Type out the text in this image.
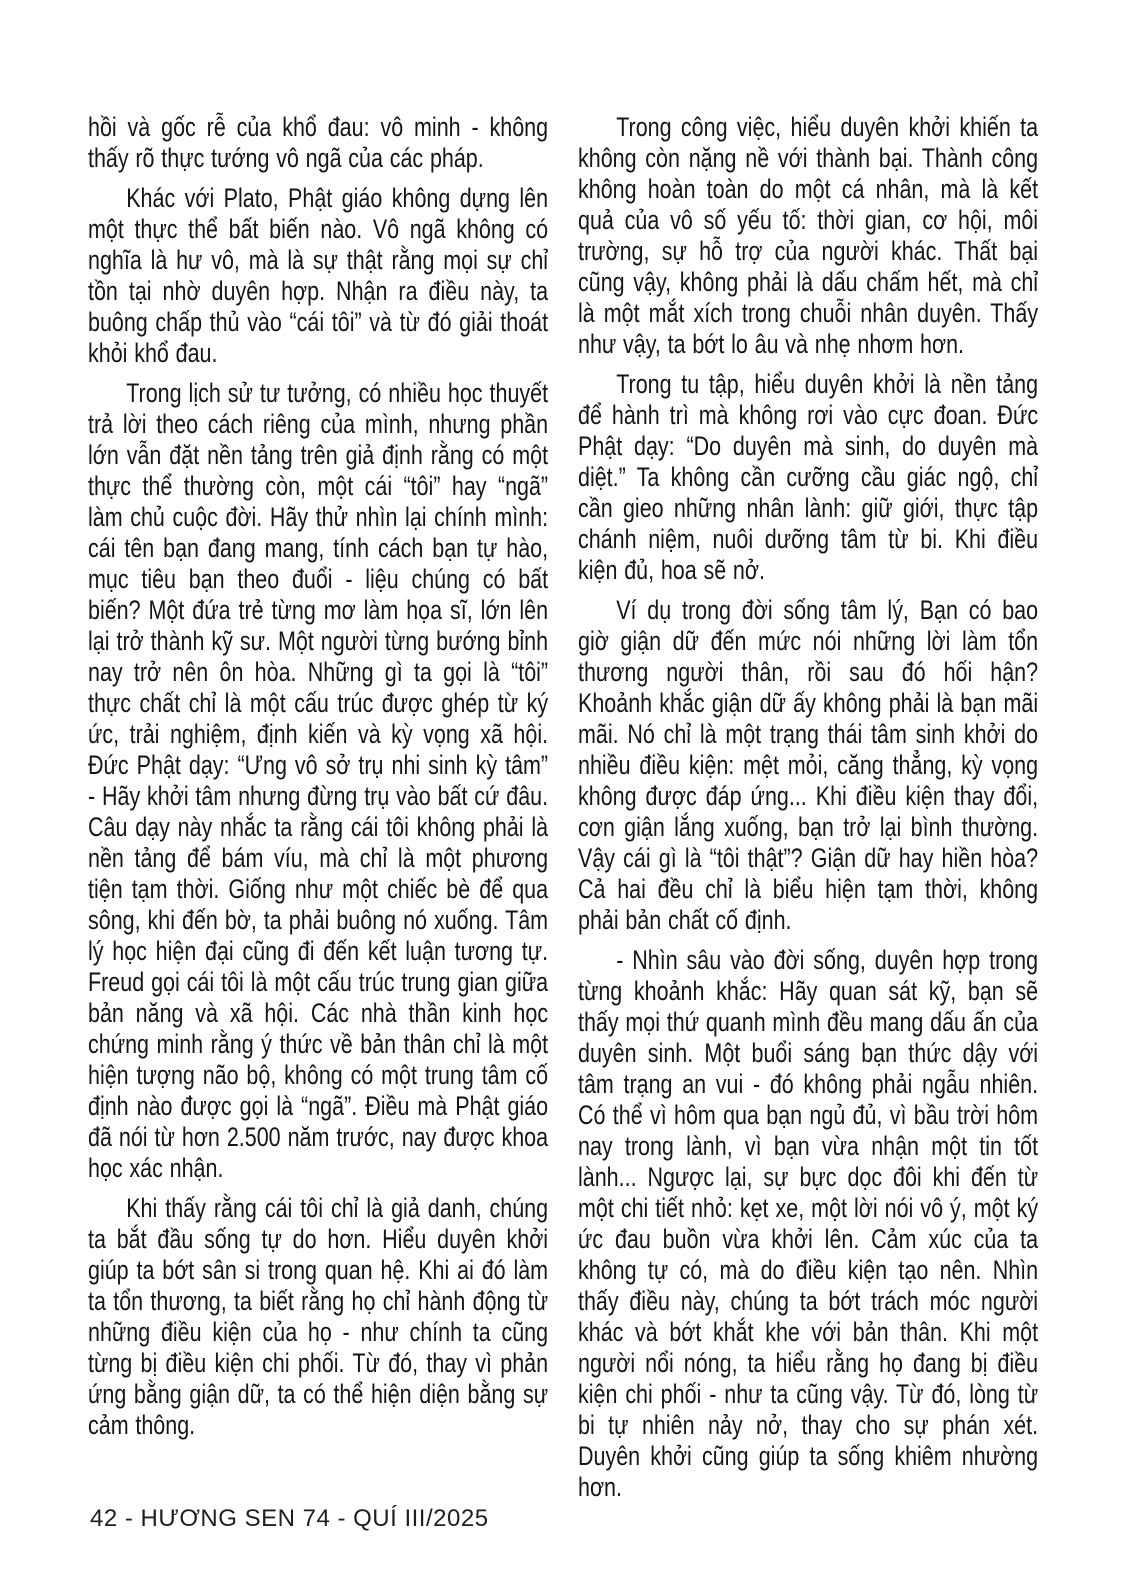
hồi và gốc rễ của khổ đau: vô minh - không thấy rõ thực tướng vô ngã của các pháp.

Khác với Plato, Phật giáo không dựng lên một thực thể bất biến nào. Vô ngã không có nghĩa là hư vô, mà là sự thật rằng mọi sự chỉ tồn tại nhờ duyên hợp. Nhận ra điều này, ta buông chấp thủ vào “cái tôi” và từ đó giải thoát khỏi khổ đau.

Trong lịch sử tư tưởng, có nhiều học thuyết trả lời theo cách riêng của mình, nhưng phần lớn vẫn đặt nền tảng trên giả định rằng có một thực thể thường còn, một cái “tôi” hay “ngã” làm chủ cuộc đời. Hãy thử nhìn lại chính mình: cái tên bạn đang mang, tính cách bạn tự hào, mục tiêu bạn theo đuổi - liệu chúng có bất biến? Một đứa trẻ từng mơ làm họa sĩ, lớn lên lại trở thành kỹ sư. Một người từng bướng bỉnh nay trở nên ôn hòa. Những gì ta gọi là “tôi” thực chất chỉ là một cấu trúc được ghép từ ký ức, trải nghiệm, định kiến và kỳ vọng xã hội. Đức Phật dạy: “Ưng vô sở trụ nhi sinh kỳ tâm” - Hãy khởi tâm nhưng đừng trụ vào bất cứ đâu. Câu dạy này nhắc ta rằng cái tôi không phải là nền tảng để bám víu, mà chỉ là một phương tiện tạm thời. Giống như một chiếc bè để qua sông, khi đến bờ, ta phải buông nó xuống. Tâm lý học hiện đại cũng đi đến kết luận tương tự. Freud gọi cái tôi là một cấu trúc trung gian giữa bản năng và xã hội. Các nhà thần kinh học chứng minh rằng ý thức về bản thân chỉ là một hiện tượng não bộ, không có một trung tâm cố định nào được gọi là “ngã”. Điều mà Phật giáo đã nói từ hơn 2.500 năm trước, nay được khoa học xác nhận.

Khi thấy rằng cái tôi chỉ là giả danh, chúng ta bắt đầu sống tự do hơn. Hiểu duyên khởi giúp ta bớt sân si trong quan hệ. Khi ai đó làm ta tổn thương, ta biết rằng họ chỉ hành động từ những điều kiện của họ - như chính ta cũng từng bị điều kiện chi phối. Từ đó, thay vì phản ứng bằng giận dữ, ta có thể hiện diện bằng sự cảm thông.

Trong công việc, hiểu duyên khởi khiến ta không còn nặng nề với thành bại. Thành công không hoàn toàn do một cá nhân, mà là kết quả của vô số yếu tố: thời gian, cơ hội, môi trường, sự hỗ trợ của người khác. Thất bại cũng vậy, không phải là dấu chấm hết, mà chỉ là một mắt xích trong chuỗi nhân duyên. Thấy như vậy, ta bớt lo âu và nhẹ nhơm hơn.

Trong tu tập, hiểu duyên khởi là nền tảng để hành trì mà không rơi vào cực đoan. Đức Phật dạy: “Do duyên mà sinh, do duyên mà diệt.” Ta không cần cưỡng cầu giác ngộ, chỉ cần gieo những nhân lành: giữ giới, thực tập chánh niệm, nuôi dưỡng tâm từ bi. Khi điều kiện đủ, hoa sẽ nở.

Ví dụ trong đời sống tâm lý, Bạn có bao giờ giận dữ đến mức nói những lời làm tổn thương người thân, rồi sau đó hối hận? Khoảnh khắc giận dữ ấy không phải là bạn mãi mãi. Nó chỉ là một trạng thái tâm sinh khởi do nhiều điều kiện: mệt mỏi, căng thẳng, kỳ vọng không được đáp ứng... Khi điều kiện thay đổi, cơn giận lắng xuống, bạn trở lại bình thường. Vậy cái gì là “tôi thật”? Giận dữ hay hiền hòa? Cả hai đều chỉ là biểu hiện tạm thời, không phải bản chất cố định.

- Nhìn sâu vào đời sống, duyên hợp trong từng khoảnh khắc: Hãy quan sát kỹ, bạn sẽ thấy mọi thứ quanh mình đều mang dấu ấn của duyên sinh. Một buổi sáng bạn thức dậy với tâm trạng an vui - đó không phải ngẫu nhiên. Có thể vì hôm qua bạn ngủ đủ, vì bầu trời hôm nay trong lành, vì bạn vừa nhận một tin tốt lành... Ngược lại, sự bực dọc đôi khi đến từ một chi tiết nhỏ: kẹt xe, một lời nói vô ý, một ký ức đau buồn vừa khởi lên. Cảm xúc của ta không tự có, mà do điều kiện tạo nên. Nhìn thấy điều này, chúng ta bớt trách móc người khác và bớt khắt khe với bản thân. Khi một người nổi nóng, ta hiểu rằng họ đang bị điều kiện chi phối - như ta cũng vậy. Từ đó, lòng từ bi tự nhiên nảy nở, thay cho sự phán xét. Duyên khởi cũng giúp ta sống khiêm nhường hơn.

42 - HƯƠNG SEN 74 - QUÍ III/2025
